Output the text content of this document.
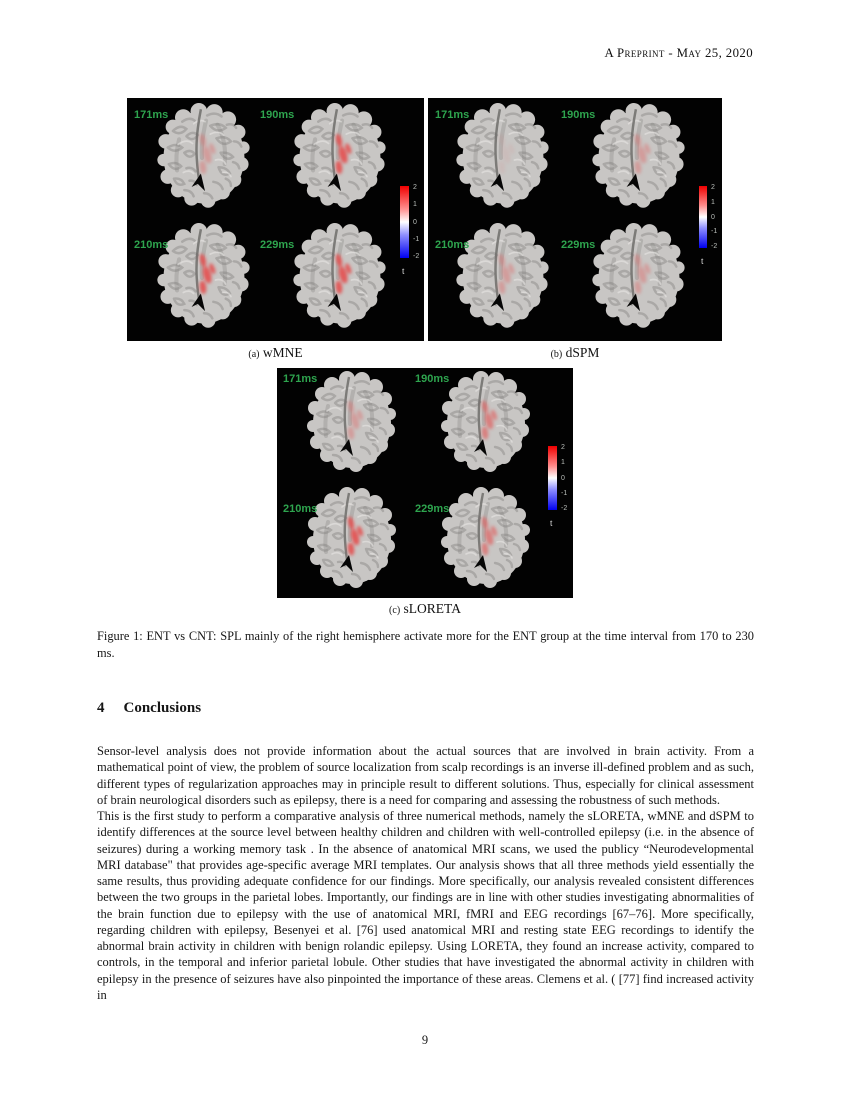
A Preprint - May 25, 2020
171ms	190ms
210ms	229ms
2
1
0
-1
-2
t
171ms	190ms
210ms	229ms
2
1
0
-1
-2
t
(a) wMNE	(b) dSPM
171ms	190ms
210ms	229ms
2
1
0
-1
-2
t
(c) sLORETA
Figure 1: ENT vs CNT: SPL mainly of the right hemisphere activate more for the ENT group at the time interval from 170 to 230 ms.
4 Conclusions

Sensor-level analysis does not provide information about the actual sources that are involved in brain activity. From a mathematical point of view, the problem of source localization from scalp recordings is an inverse ill-defined problem and as such, different types of regularization approaches may in principle result to different solutions. Thus, especially for clinical assessment of brain neurological disorders such as epilepsy, there is a need for comparing and assessing the robustness of such methods.

This is the first study to perform a comparative analysis of three numerical methods, namely the sLORETA, wMNE and dSPM to identify differences at the source level between healthy children and children with well-controlled epilepsy (i.e. in the absence of seizures) during a working memory task . In the absence of anatomical MRI scans, we used the publicy “Neurodevelopmental MRI database" that provides age-specific average MRI templates. Our analysis shows that all three methods yield essentially the same results, thus providing adequate confidence for our findings. More specifically, our analysis revealed consistent differences between the two groups in the parietal lobes. Importantly, our findings are in line with other studies investigating abnormalities of the brain function due to epilepsy with the use of anatomical MRI, fMRI and EEG recordings [67–76]. More specifically, regarding children with epilepsy, Besenyei et al. [76] used anatomical MRI and resting state EEG recordings to identify the abnormal brain activity in children with benign rolandic epilepsy. Using LORETA, they found an increase activity, compared to controls, in the temporal and inferior parietal lobule. Other studies that have investigated the abnormal activity in children with epilepsy in the presence of seizures have also pinpointed the importance of these areas. Clemens et al. ( [77] find increased activity in

9
